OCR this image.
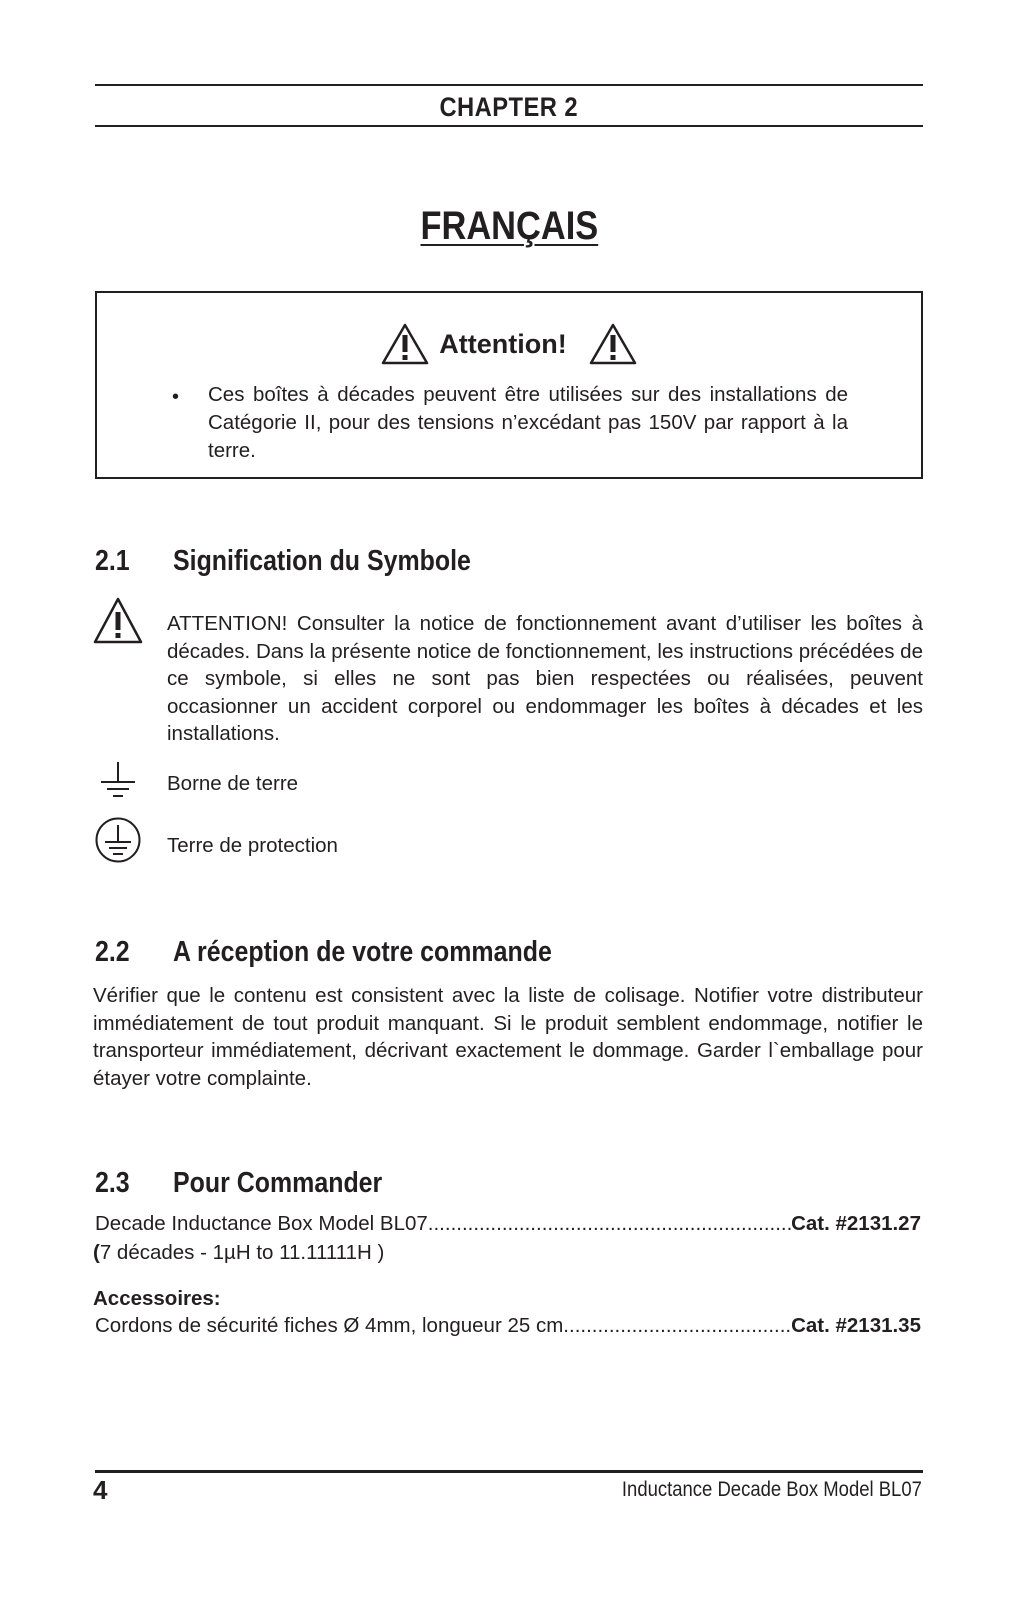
CHAPTER 2
FRANÇAIS
Attention!
• Ces boîtes à décades peuvent être utilisées sur des installations de Catégorie II, pour des tensions n’excédant pas 150V par rapport à la terre.
2.1 Signification du Symbole
ATTENTION! Consulter la notice de fonctionnement avant d’utiliser les boîtes à décades. Dans la présente notice de fonctionnement, les instructions précédées de ce symbole, si elles ne sont pas bien respectées ou réalisées, peuvent occasionner un accident corporel ou endommager les boîtes à décades et les installations.
Borne de terre
Terre de protection
2.2 A réception de votre commande
Vérifier que le contenu est consistent avec la liste de colisage. Notifier votre distributeur immédiatement de tout produit manquant. Si le produit semblent endommage, notifier le transporteur immédiatement, décrivant exactement le dommage. Garder l`emballage pour étayer votre complainte.
2.3 Pour Commander
Decade Inductance Box Model BL07 .....	Cat. #2131.27
(7 décades - 1µH to 11.11111H )
Accessoires:
Cordons de sécurité fiches Ø 4mm, longueur 25 cm .....	Cat. #2131.35
4	Inductance Decade Box Model BL07
